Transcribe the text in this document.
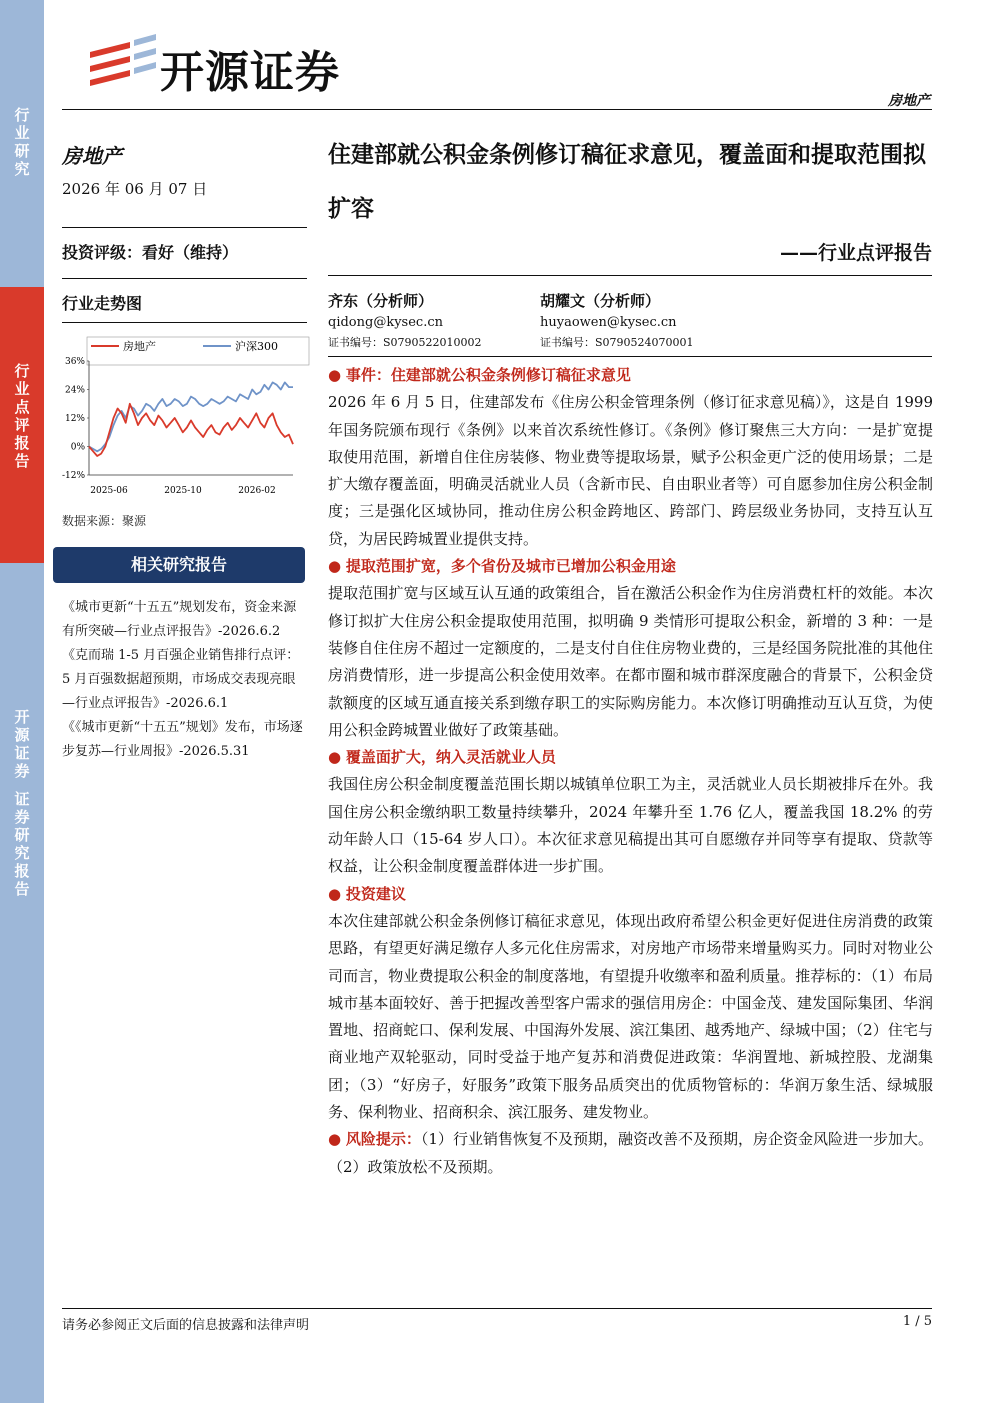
行
业
研
究
行
业
点
评
报
告
开
源
证
券

证
券
研
究
报
告
开源证券
房地产
房地产
2026 年 06 月 07 日
投资评级：看好（维持）
行业走势图
房地产	沪深300
36%
24%
12%
0%
-12%
2025-06	2025-10	2026-02
数据来源：聚源
相关研究报告

《城市更新“十五五”规划发布，资金来源有所突破—行业点评报告》-2026.6.2

《克而瑞 1-5 月百强企业销售排行点评：5 月百强数据超预期，市场成交表现亮眼—行业点评报告》-2026.6.1

《《城市更新“十五五”规划》发布，市场逐步复苏—行业周报》-2026.5.31

住建部就公积金条例修订稿征求意见，覆盖面和提取范围拟扩容
——行业点评报告
齐东（分析师）
qidong@kysec.cn
证书编号：S0790522010002
胡耀文（分析师）
huyaowen@kysec.cn
证书编号：S0790524070001

● 事件：住建部就公积金条例修订稿征求意见

2026 年 6 月 5 日，住建部发布《住房公积金管理条例（修订征求意见稿）》，这是自 1999 年国务院颁布现行《条例》以来首次系统性修订。《条例》修订聚焦三大方向：一是扩宽提取使用范围，新增自住住房装修、物业费等提取场景，赋予公积金更广泛的使用场景；二是扩大缴存覆盖面，明确灵活就业人员（含新市民、自由职业者等）可自愿参加住房公积金制度；三是强化区域协同，推动住房公积金跨地区、跨部门、跨层级业务协同，支持互认互贷，为居民跨城置业提供支持。

● 提取范围扩宽，多个省份及城市已增加公积金用途

提取范围扩宽与区域互认互通的政策组合，旨在激活公积金作为住房消费杠杆的效能。本次修订拟扩大住房公积金提取使用范围，拟明确 9 类情形可提取公积金，新增的 3 种：一是装修自住住房不超过一定额度的，二是支付自住住房物业费的，三是经国务院批准的其他住房消费情形，进一步提高公积金使用效率。在都市圈和城市群深度融合的背景下，公积金贷款额度的区域互通直接关系到缴存职工的实际购房能力。本次修订明确推动互认互贷，为使用公积金跨城置业做好了政策基础。

● 覆盖面扩大，纳入灵活就业人员

我国住房公积金制度覆盖范围长期以城镇单位职工为主，灵活就业人员长期被排斥在外。我国住房公积金缴纳职工数量持续攀升，2024 年攀升至 1.76 亿人，覆盖我国 18.2% 的劳动年龄人口（15-64 岁人口）。本次征求意见稿提出其可自愿缴存并同等享有提取、贷款等权益，让公积金制度覆盖群体进一步扩围。

● 投资建议

本次住建部就公积金条例修订稿征求意见，体现出政府希望公积金更好促进住房消费的政策思路，有望更好满足缴存人多元化住房需求，对房地产市场带来增量购买力。同时对物业公司而言，物业费提取公积金的制度落地，有望提升收缴率和盈利质量。推荐标的：（1）布局城市基本面较好、善于把握改善型客户需求的强信用房企：中国金茂、建发国际集团、华润置地、招商蛇口、保利发展、中国海外发展、滨江集团、越秀地产、绿城中国；（2）住宅与商业地产双轮驱动，同时受益于地产复苏和消费促进政策：华润置地、新城控股、龙湖集团；（3）“好房子，好服务”政策下服务品质突出的优质物管标的：华润万象生活、绿城服务、保利物业、招商积余、滨江服务、建发物业。

● 风险提示：（1）行业销售恢复不及预期，融资改善不及预期，房企资金风险进一步加大。（2）政策放松不及预期。

请务必参阅正文后面的信息披露和法律声明	1 / 5
